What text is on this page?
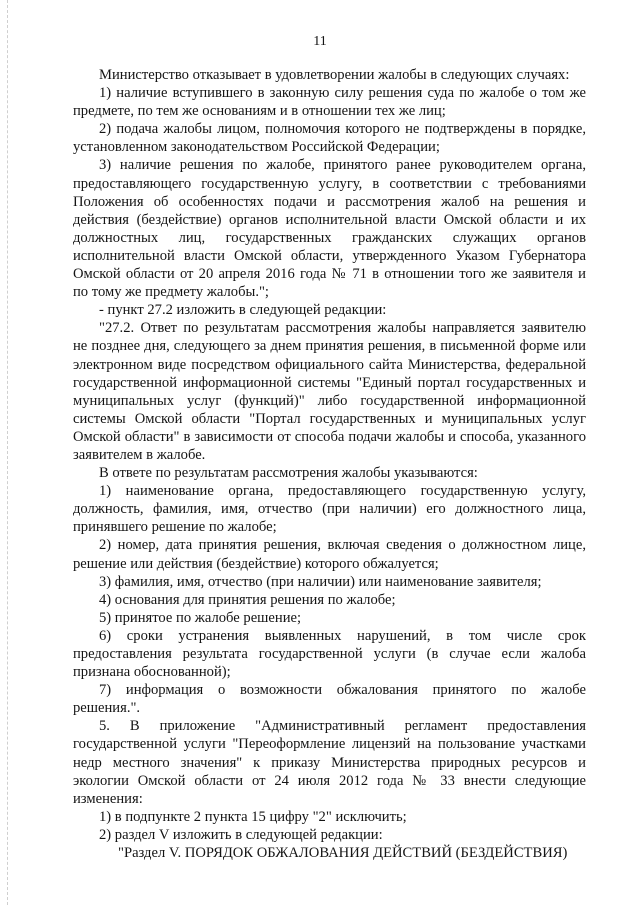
11
Министерство отказывает в удовлетворении жалобы в следующих случаях:
1) наличие вступившего в законную силу решения суда по жалобе о том же
предмете, по тем же основаниям и в отношении тех же лиц;
2) подача жалобы лицом, полномочия которого не подтверждены в порядке,
установленном законодательством Российской Федерации;
3) наличие решения по жалобе, принятого ранее руководителем органа,
предоставляющего государственную услугу, в соответствии с требованиями
Положения об особенностях подачи и рассмотрения жалоб на решения и
действия (бездействие) органов исполнительной власти Омской области и их
должностных лиц, государственных гражданских служащих органов
исполнительной власти Омской области, утвержденного Указом Губернатора
Омской области от 20 апреля 2016 года № 71 в отношении того же заявителя и
по тому же предмету жалобы.";
- пункт 27.2 изложить в следующей редакции:
"27.2. Ответ по результатам рассмотрения жалобы направляется заявителю
не позднее дня, следующего за днем принятия решения, в письменной форме или
электронном виде посредством официального сайта Министерства, федеральной
государственной информационной системы "Единый портал государственных и
муниципальных услуг (функций)" либо государственной информационной
системы Омской области "Портал государственных и муниципальных услуг
Омской области" в зависимости от способа подачи жалобы и способа, указанного
заявителем в жалобе.
В ответе по результатам рассмотрения жалобы указываются:
1) наименование органа, предоставляющего государственную услугу,
должность, фамилия, имя, отчество (при наличии) его должностного лица,
принявшего решение по жалобе;
2) номер, дата принятия решения, включая сведения о должностном лице,
решение или действия (бездействие) которого обжалуется;
3) фамилия, имя, отчество (при наличии) или наименование заявителя;
4) основания для принятия решения по жалобе;
5) принятое по жалобе решение;
6) сроки устранения выявленных нарушений, в том числе срок
предоставления результата государственной услуги (в случае если жалоба
признана обоснованной);
7) информация о возможности обжалования принятого по жалобе
решения.".
5. В приложение "Административный регламент предоставления
государственной услуги "Переоформление лицензий на пользование участками
недр местного значения" к приказу Министерства природных ресурсов и
экологии Омской области от 24 июля 2012 года № 33 внести следующие
изменения:
1) в подпункте 2 пункта 15 цифру "2" исключить;
2) раздел V изложить в следующей редакции:
"Раздел V. ПОРЯДОК ОБЖАЛОВАНИЯ ДЕЙСТВИЙ (БЕЗДЕЙСТВИЯ)
